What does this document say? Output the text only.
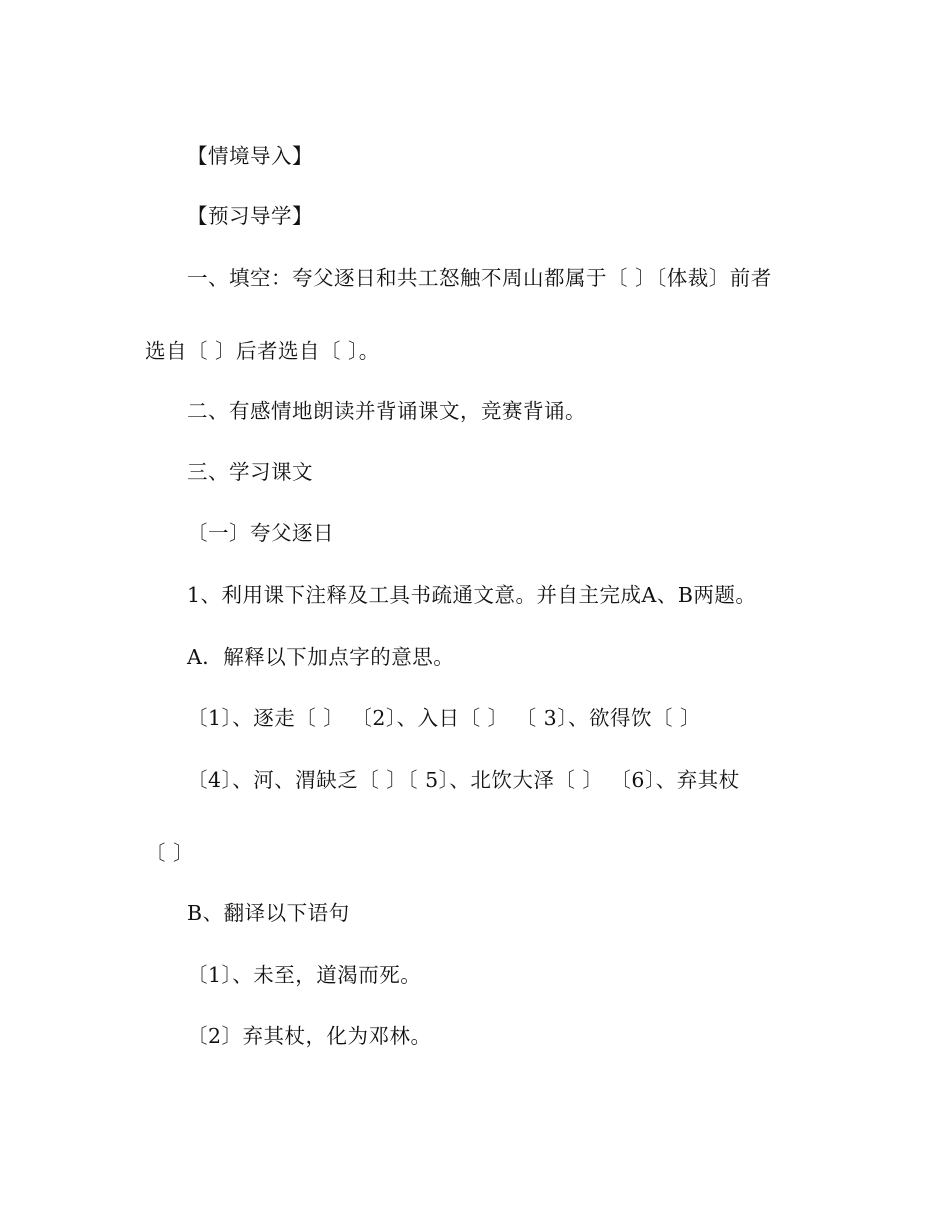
【情境导入】
【预习导学】
一、填空：夸父逐日和共工怒触不周山都属于〔 〕〔体裁〕前者
选自〔 〕后者选自〔 〕。
二、有感情地朗读并背诵课文，竞赛背诵。
三、学习课文
〔一〕夸父逐日
1、利用课下注释及工具书疏通文意。并自主完成A、B两题。
A．解释以下加点字的意思。
〔1〕、逐走〔 〕 〔2〕、入日〔 〕 〔 3〕、欲得饮〔 〕
〔4〕、河、渭缺乏〔 〕〔 5〕、北饮大泽〔 〕 〔6〕、弃其杖
〔 〕
B、翻译以下语句
〔1〕、未至，道渴而死。
〔2〕弃其杖，化为邓林。
